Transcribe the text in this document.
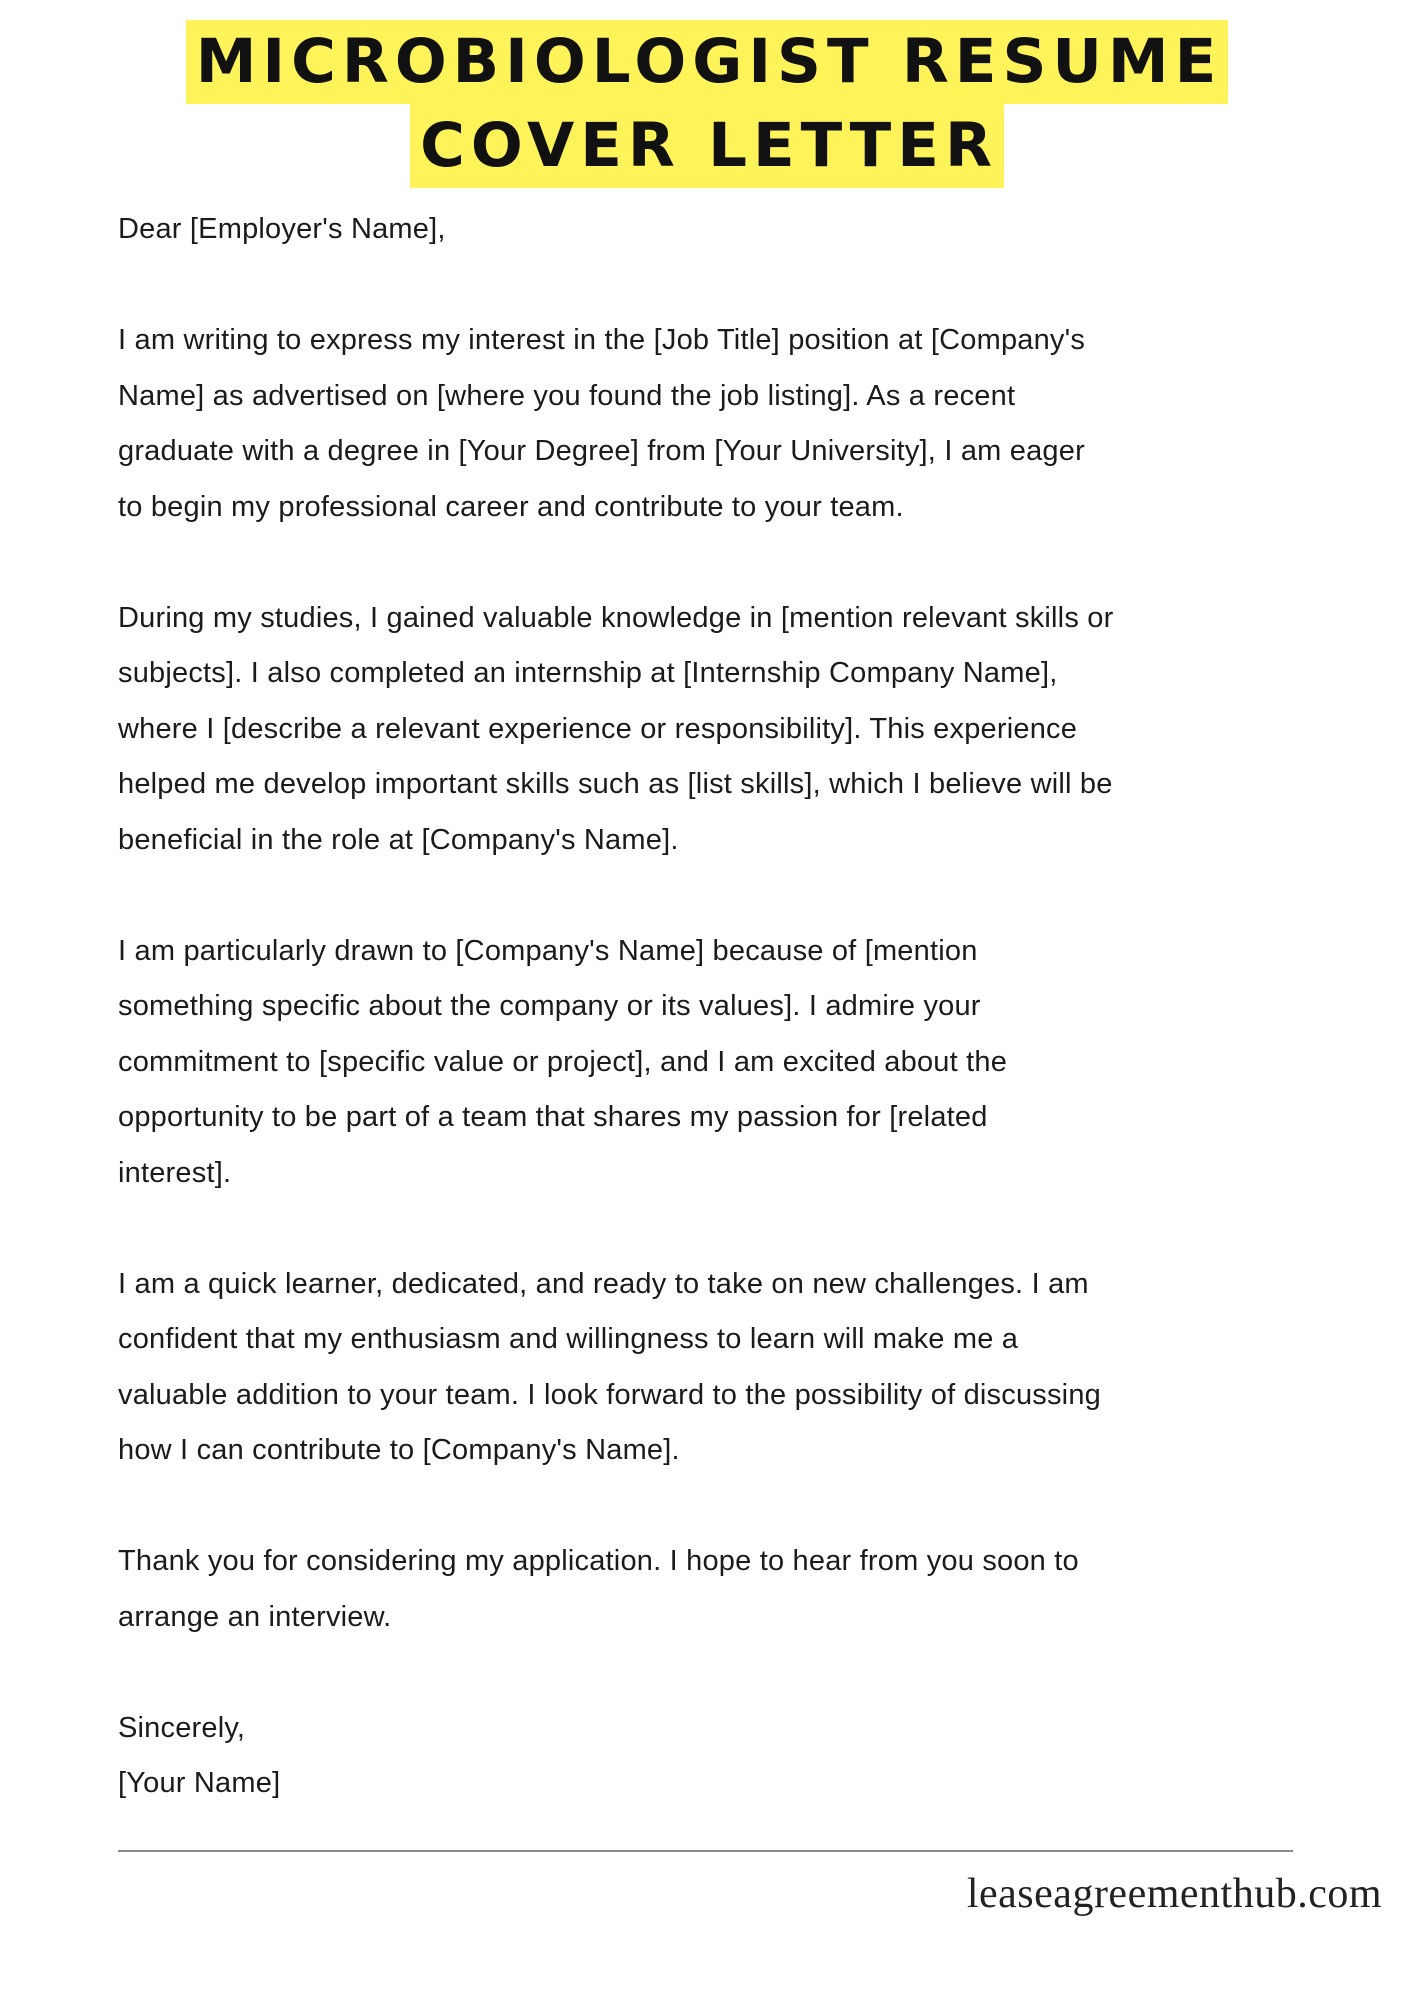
MICROBIOLOGIST RESUME
COVER LETTER

Dear [Employer's Name],

I am writing to express my interest in the [Job Title] position at [Company's
Name] as advertised on [where you found the job listing]. As a recent
graduate with a degree in [Your Degree] from [Your University], I am eager
to begin my professional career and contribute to your team.

During my studies, I gained valuable knowledge in [mention relevant skills or
subjects]. I also completed an internship at [Internship Company Name],
where I [describe a relevant experience or responsibility]. This experience
helped me develop important skills such as [list skills], which I believe will be
beneficial in the role at [Company's Name].

I am particularly drawn to [Company's Name] because of [mention
something specific about the company or its values]. I admire your
commitment to [specific value or project], and I am excited about the
opportunity to be part of a team that shares my passion for [related
interest].

I am a quick learner, dedicated, and ready to take on new challenges. I am
confident that my enthusiasm and willingness to learn will make me a
valuable addition to your team. I look forward to the possibility of discussing
how I can contribute to [Company's Name].

Thank you for considering my application. I hope to hear from you soon to
arrange an interview.

Sincerely,

[Your Name]

leaseagreementhub.com
